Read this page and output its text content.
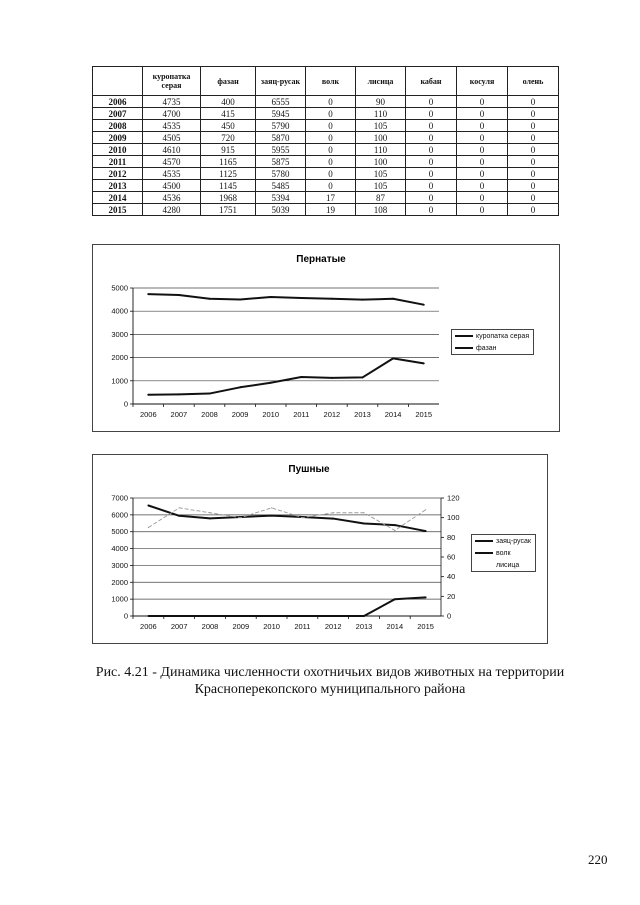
	куропатка серая	фазан	заяц-русак	волк	лисица	кабан	косуля	олень
2006	4735	400	6555	0	90	0	0	0
2007	4700	415	5945	0	110	0	0	0
2008	4535	450	5790	0	105	0	0	0
2009	4505	720	5870	0	100	0	0	0
2010	4610	915	5955	0	110	0	0	0
2011	4570	1165	5875	0	100	0	0	0
2012	4535	1125	5780	0	105	0	0	0
2013	4500	1145	5485	0	105	0	0	0
2014	4536	1968	5394	17	87	0	0	0
2015	4280	1751	5039	19	108	0	0	0
Пернатые
0
1000
2000
3000
4000
5000
2006 2007 2008 2009 2010 2011 2012 2013 2014 2015
куропатка серая
фазан
Пушные
0
1000
2000
3000
4000
5000
6000
7000
0
20
40
60
80
100
120
2006 2007 2008 2009 2010 2011 2012 2013 2014 2015
заяц-русак
волк
лисица
Рис. 4.21 - Динамика численности охотничьих видов животных на территории
Красноперекопского муниципального района
220
